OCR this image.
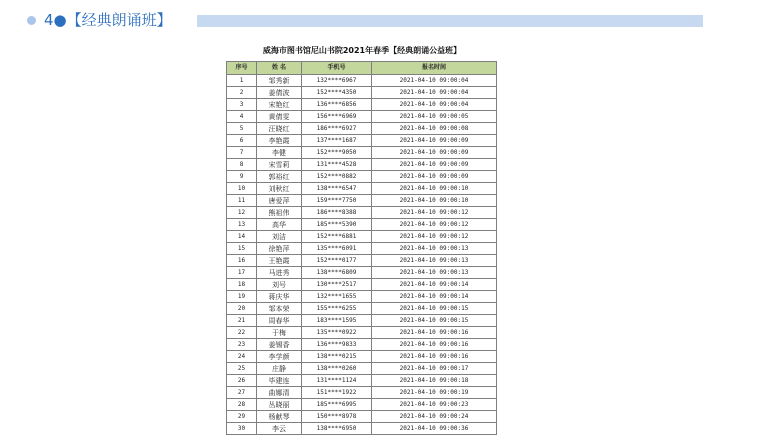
4●【经典朗诵班】
威海市图书馆尼山书院2021年春季【经典朗诵公益班】
序号	姓 名	手机号	报名时间
1	邹秀新	132****6967	2021-04-10 09:00:04
2	姜倩波	152****4350	2021-04-10 09:00:04
3	宋艳红	136****6856	2021-04-10 09:00:04
4	黄倩雯	156****6969	2021-04-10 09:00:05
5	汪晓红	186****6927	2021-04-10 09:00:08
6	李艳霞	137****1687	2021-04-10 09:00:09
7	李健	152****9050	2021-04-10 09:00:09
8	宋雪莉	131****4528	2021-04-10 09:00:09
9	郭裕红	152****0882	2021-04-10 09:00:09
10	刘秋红	138****6547	2021-04-10 09:00:10
11	唐爱萍	159****7750	2021-04-10 09:00:10
12	熊祖伟	186****8388	2021-04-10 09:00:12
13	高华	185****5390	2021-04-10 09:00:12
14	刘洁	152****6881	2021-04-10 09:00:12
15	徐艳萍	135****6091	2021-04-10 09:00:13
16	王艳霞	152****0177	2021-04-10 09:00:13
17	马进秀	138****6809	2021-04-10 09:00:13
18	刘号	130****2517	2021-04-10 09:00:14
19	蒋庆华	132****1655	2021-04-10 09:00:14
20	邹本荣	155****6255	2021-04-10 09:00:15
21	周春华	183****1595	2021-04-10 09:00:15
22	于梅	135****0922	2021-04-10 09:00:16
23	姜锡香	136****9833	2021-04-10 09:00:16
24	李学颜	138****0215	2021-04-10 09:00:16
25	庄静	138****0260	2021-04-10 09:00:17
26	毕建连	131****1124	2021-04-10 09:00:18
27	曲娜清	151****1922	2021-04-10 09:00:19
28	丛晓丽	185****6995	2021-04-10 09:00:23
29	杨献琴	150****8978	2021-04-10 09:00:24
30	李云	138****6950	2021-04-10 09:00:36
